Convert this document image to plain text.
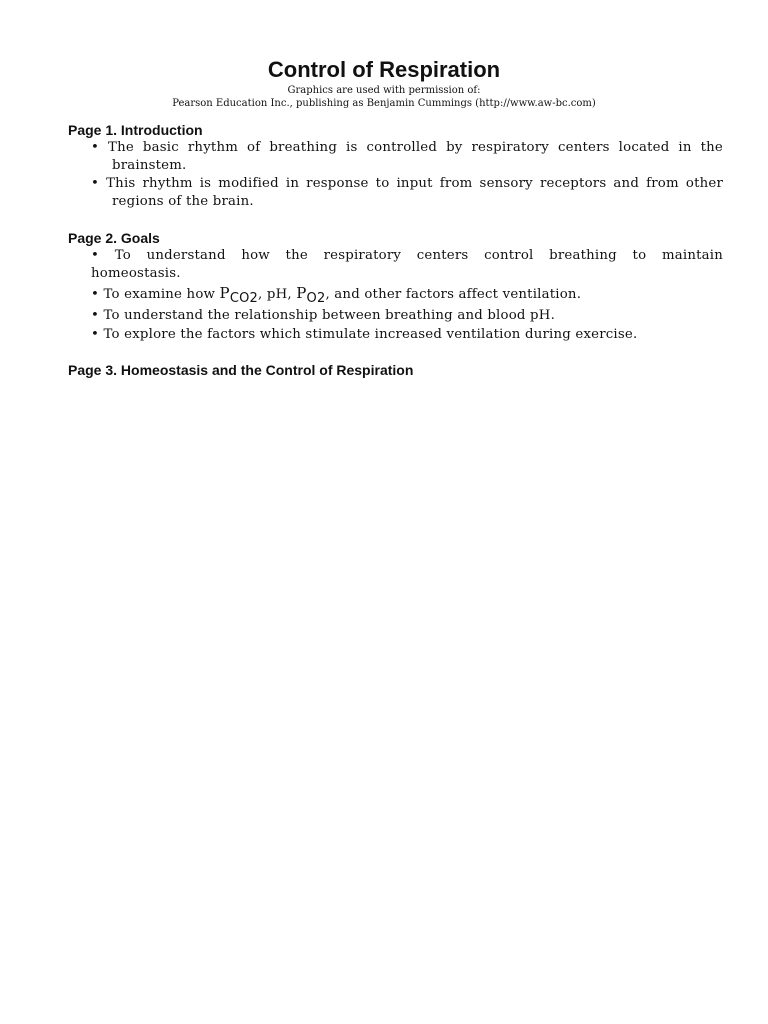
Control of Respiration
Graphics are used with permission of:
Pearson Education Inc., publishing as Benjamin Cummings (http://www.aw-bc.com)
Page 1. Introduction
• The basic rhythm of breathing is controlled by respiratory centers located in the
brainstem.
• This rhythm is modified in response to input from sensory receptors and from other
regions of the brain.
Page 2. Goals
• To understand how the respiratory centers control breathing to maintain
homeostasis.
• To examine how PCO2, pH, PO2, and other factors affect ventilation.
• To understand the relationship between breathing and blood pH.
• To explore the factors which stimulate increased ventilation during exercise.
Page 3. Homeostasis and the Control of Respiration
